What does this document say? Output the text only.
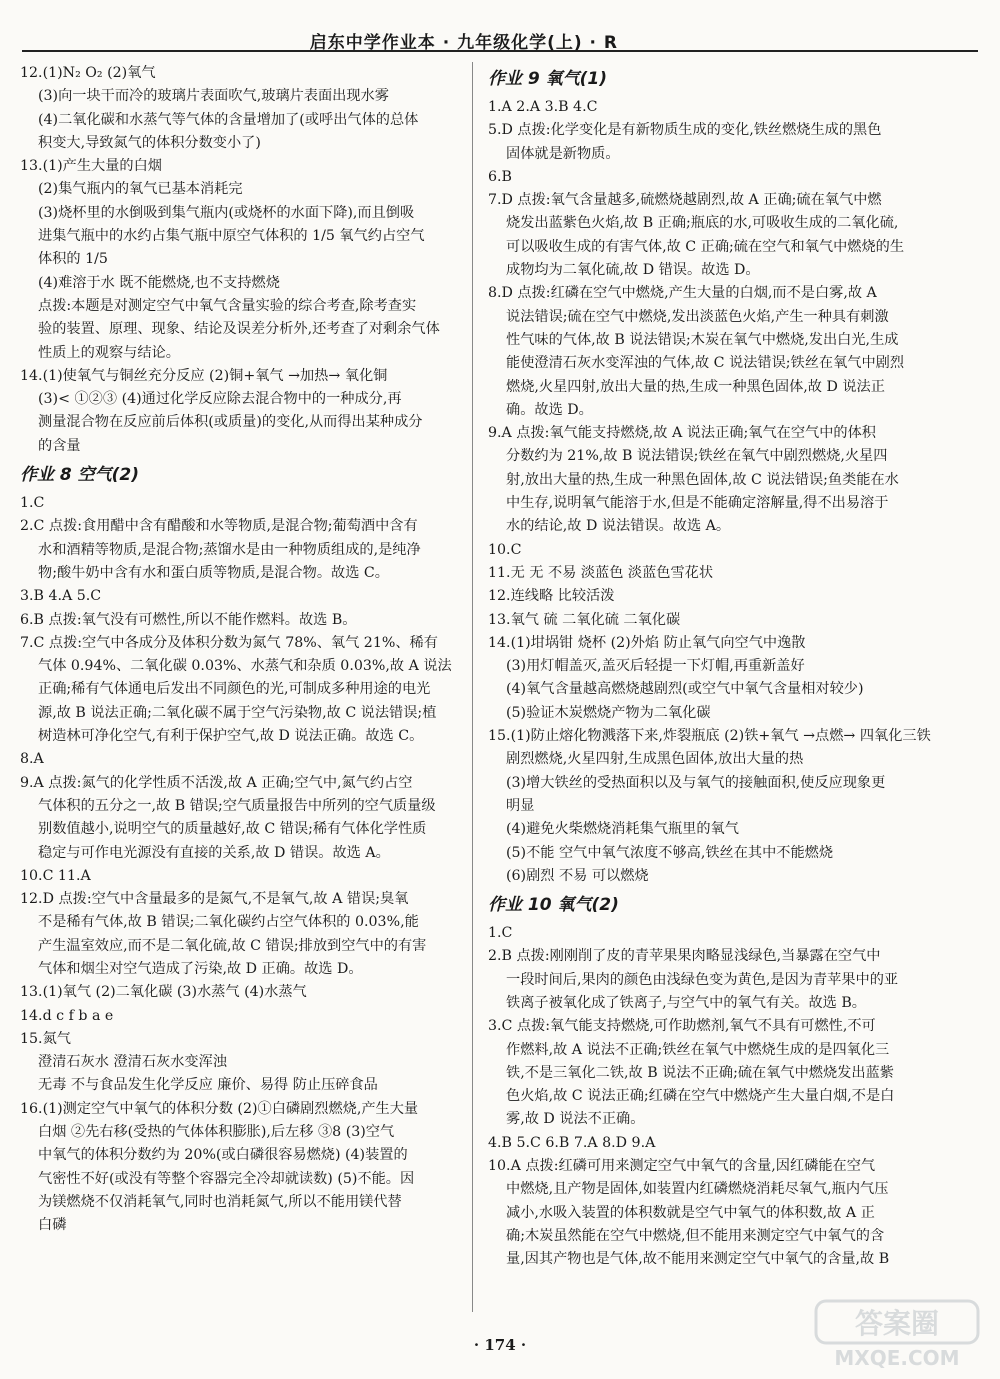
启东中学作业本 · 九年级化学(上) · R
12.(1)N₂ O₂ (2)氧气
(3)向一块干而冷的玻璃片表面吹气,玻璃片表面出现水雾
(4)二氧化碳和水蒸气等气体的含量增加了(或呼出气体的总体
积变大,导致氮气的体积分数变小了)
13.(1)产生大量的白烟
(2)集气瓶内的氧气已基本消耗完
(3)烧杯里的水倒吸到集气瓶内(或烧杯的水面下降),而且倒吸
进集气瓶中的水约占集气瓶中原空气体积的 1/5 氧气约占空气
体积的 1/5
(4)难溶于水 既不能燃烧,也不支持燃烧
点拨:本题是对测定空气中氧气含量实验的综合考查,除考查实
验的装置、原理、现象、结论及误差分析外,还考查了对剩余气体
性质上的观察与结论。
14.(1)使氧气与铜丝充分反应 (2)铜+氧气 →加热→ 氧化铜
(3)< ①②③ (4)通过化学反应除去混合物中的一种成分,再
测量混合物在反应前后体积(或质量)的变化,从而得出某种成分
的含量
作业 8 空气(2)
1.C
2.C 点拨:食用醋中含有醋酸和水等物质,是混合物;葡萄酒中含有
水和酒精等物质,是混合物;蒸馏水是由一种物质组成的,是纯净
物;酸牛奶中含有水和蛋白质等物质,是混合物。故选 C。
3.B 4.A 5.C
6.B 点拨:氧气没有可燃性,所以不能作燃料。故选 B。
7.C 点拨:空气中各成分及体积分数为氮气 78%、氧气 21%、稀有
气体 0.94%、二氧化碳 0.03%、水蒸气和杂质 0.03%,故 A 说法
正确;稀有气体通电后发出不同颜色的光,可制成多种用途的电光
源,故 B 说法正确;二氧化碳不属于空气污染物,故 C 说法错误;植
树造林可净化空气,有利于保护空气,故 D 说法正确。故选 C。
8.A
9.A 点拨:氮气的化学性质不活泼,故 A 正确;空气中,氮气约占空
气体积的五分之一,故 B 错误;空气质量报告中所列的空气质量级
别数值越小,说明空气的质量越好,故 C 错误;稀有气体化学性质
稳定与可作电光源没有直接的关系,故 D 错误。故选 A。
10.C 11.A
12.D 点拨:空气中含量最多的是氮气,不是氧气,故 A 错误;臭氧
不是稀有气体,故 B 错误;二氧化碳约占空气体积的 0.03%,能
产生温室效应,而不是二氧化硫,故 C 错误;排放到空气中的有害
气体和烟尘对空气造成了污染,故 D 正确。故选 D。
13.(1)氧气 (2)二氧化碳 (3)水蒸气 (4)水蒸气
14.d c f b a e
15.氮气
澄清石灰水 澄清石灰水变浑浊
无毒 不与食品发生化学反应 廉价、易得 防止压碎食品
16.(1)测定空气中氧气的体积分数 (2)①白磷剧烈燃烧,产生大量
白烟 ②先右移(受热的气体体积膨胀),后左移 ③8 (3)空气
中氧气的体积分数约为 20%(或白磷很容易燃烧) (4)装置的
气密性不好(或没有等整个容器完全冷却就读数) (5)不能。因
为镁燃烧不仅消耗氧气,同时也消耗氮气,所以不能用镁代替
白磷
作业 9 氧气(1)
1.A 2.A 3.B 4.C
5.D 点拨:化学变化是有新物质生成的变化,铁丝燃烧生成的黑色
固体就是新物质。
6.B
7.D 点拨:氧气含量越多,硫燃烧越剧烈,故 A 正确;硫在氧气中燃
烧发出蓝紫色火焰,故 B 正确;瓶底的水,可吸收生成的二氧化硫,
可以吸收生成的有害气体,故 C 正确;硫在空气和氧气中燃烧的生
成物均为二氧化硫,故 D 错误。故选 D。
8.D 点拨:红磷在空气中燃烧,产生大量的白烟,而不是白雾,故 A
说法错误;硫在空气中燃烧,发出淡蓝色火焰,产生一种具有刺激
性气味的气体,故 B 说法错误;木炭在氧气中燃烧,发出白光,生成
能使澄清石灰水变浑浊的气体,故 C 说法错误;铁丝在氧气中剧烈
燃烧,火星四射,放出大量的热,生成一种黑色固体,故 D 说法正
确。故选 D。
9.A 点拨:氧气能支持燃烧,故 A 说法正确;氧气在空气中的体积
分数约为 21%,故 B 说法错误;铁丝在氧气中剧烈燃烧,火星四
射,放出大量的热,生成一种黑色固体,故 C 说法错误;鱼类能在水
中生存,说明氧气能溶于水,但是不能确定溶解量,得不出易溶于
水的结论,故 D 说法错误。故选 A。
10.C
11.无 无 不易 淡蓝色 淡蓝色雪花状
12.连线略 比较活泼
13.氧气 硫 二氧化硫 二氧化碳
14.(1)坩埚钳 烧杯 (2)外焰 防止氧气向空气中逸散
(3)用灯帽盖灭,盖灭后轻提一下灯帽,再重新盖好
(4)氧气含量越高燃烧越剧烈(或空气中氧气含量相对较少)
(5)验证木炭燃烧产物为二氧化碳
15.(1)防止熔化物溅落下来,炸裂瓶底 (2)铁+氧气 →点燃→ 四氧化三铁
剧烈燃烧,火星四射,生成黑色固体,放出大量的热
(3)增大铁丝的受热面积以及与氧气的接触面积,使反应现象更
明显
(4)避免火柴燃烧消耗集气瓶里的氧气
(5)不能 空气中氧气浓度不够高,铁丝在其中不能燃烧
(6)剧烈 不易 可以燃烧
作业 10 氧气(2)
1.C
2.B 点拨:刚刚削了皮的青苹果果肉略显浅绿色,当暴露在空气中
一段时间后,果肉的颜色由浅绿色变为黄色,是因为青苹果中的亚
铁离子被氧化成了铁离子,与空气中的氧气有关。故选 B。
3.C 点拨:氧气能支持燃烧,可作助燃剂,氧气不具有可燃性,不可
作燃料,故 A 说法不正确;铁丝在氧气中燃烧生成的是四氧化三
铁,不是三氧化二铁,故 B 说法不正确;硫在氧气中燃烧发出蓝紫
色火焰,故 C 说法正确;红磷在空气中燃烧产生大量白烟,不是白
雾,故 D 说法不正确。
4.B 5.C 6.B 7.A 8.D 9.A
10.A 点拨:红磷可用来测定空气中氧气的含量,因红磷能在空气
中燃烧,且产物是固体,如装置内红磷燃烧消耗尽氧气,瓶内气压
减小,水吸入装置的体积数就是空气中氧气的体积数,故 A 正
确;木炭虽然能在空气中燃烧,但不能用来测定空气中氧气的含
量,因其产物也是气体,故不能用来测定空气中氧气的含量,故 B
· 174 ·
答案圈
MXQE.COM
